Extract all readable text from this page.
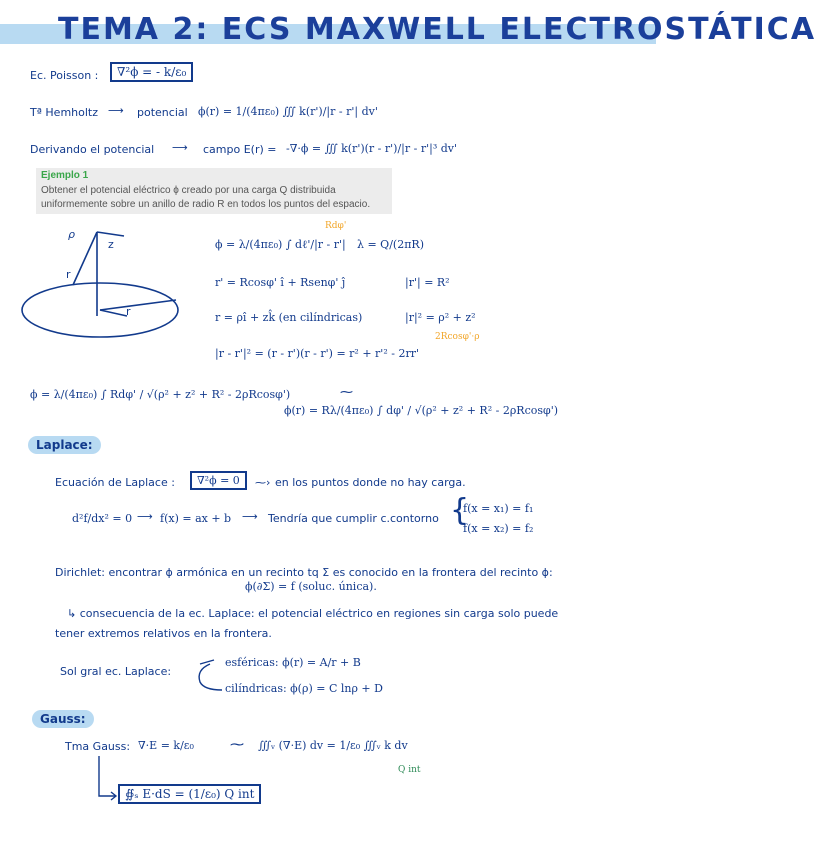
TEMA 2: ECS MAXWELL ELECTROSTÁTICA
Ec. Poisson :	∇²ϕ = - k/ε₀
Tª Hemholtz ⟶ potencial ϕ(r) = 1/(4πε₀) ∭ k(r')/|r - r'| dv'
Derivando el potencial ⟶ campo E(r) = -∇·ϕ = ∭ k(r')(r - r')/|r - r'|³ dv'
Ejemplo 1
Obtener el potencial eléctrico ϕ creado por una carga Q distribuida
uniformemente sobre un anillo de radio R en todos los puntos del espacio.
ρ
z
r
r
Rdφ'
ϕ = λ/(4πε₀) ∫ dℓ'/|r - r'| λ = Q/(2πR)
r' = Rcosφ' î + Rsenφ' ĵ	|r'| = R²
r = ρî + zk̂ (en cilíndricas)	|r|² = ρ² + z²
2Rcosφ'·ρ
|r - r'|² = (r - r')(r - r') = r² + r'² - 2rr'
ϕ = λ/(4πε₀) ∫ Rdφ' / √(ρ² + z² + R² - 2ρRcosφ')	⁓
ϕ(r) = Rλ/(4πε₀) ∫ dφ' / √(ρ² + z² + R² - 2ρRcosφ')
Laplace:
Ecuación de Laplace :	∇²ϕ = 0	⁓› en los puntos donde no hay carga.
d²f/dx² = 0 ⟶ f(x) = ax + b ⟶ Tendría que cumplir c.contorno {
f(x = x₁) = f₁
f(x = x₂) = f₂
Dirichlet: encontrar ϕ armónica en un recinto tq Σ es conocido en la frontera del recinto ϕ:
ϕ(∂Σ) = f (soluc. única).
↳ consecuencia de la ec. Laplace: el potencial eléctrico en regiones sin carga solo puede
tener extremos relativos en la frontera.
Sol gral ec. Laplace:
esféricas: ϕ(r) = A/r + B
cilíndricas: ϕ(ρ) = C lnρ + D
Gauss:
Tma Gauss: ∇·E = k/ε₀	⁓ ∭ᵥ (∇·E) dv = 1/ε₀ ∭ᵥ k dv
Q int
∯ₛ E·dS = (1/ε₀) Q int
